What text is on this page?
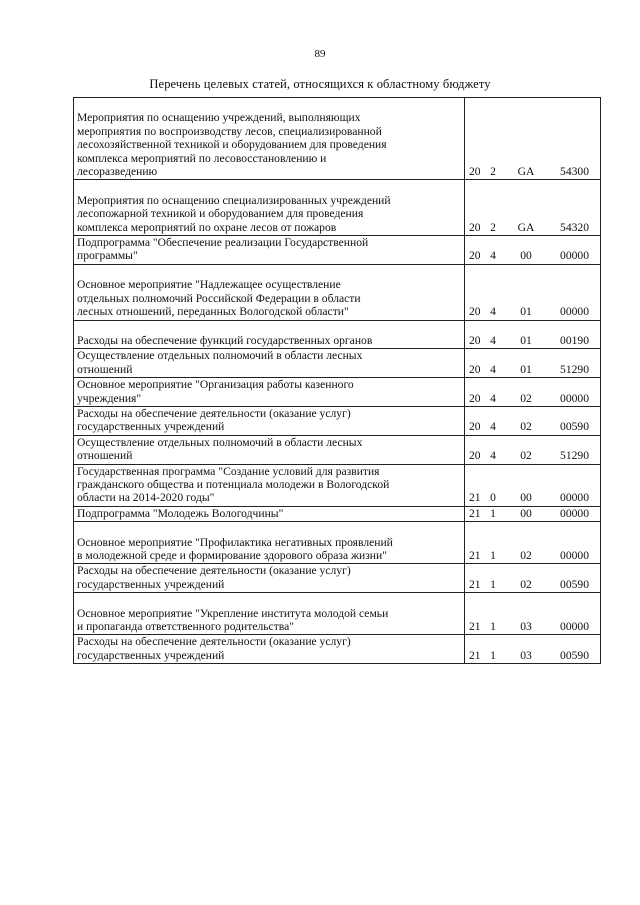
89
Перечень целевых статей, относящихся к областному бюджету

Мероприятия по оснащению учреждений, выполняющих
мероприятия по воспроизводству лесов, специализированной
лесохозяйственной техникой и оборудованием для проведения
комплекса мероприятий по лесовосстановлению и
лесоразведению	20 2 GA 54300

Мероприятия по оснащению специализированных учреждений
лесопожарной техникой и оборудованием для проведения
комплекса мероприятий по охране лесов от пожаров	20 2 GA 54320

Подпрограмма "Обеспечение реализации Государственной
программы"	20 4 00 00000

Основное мероприятие "Надлежащее осуществление
отдельных полномочий Российской Федерации в области
лесных отношений, переданных Вологодской области"	20 4 01 00000

Расходы на обеспечение функций государственных органов	20 4 01 00190

Осуществление отдельных полномочий в области лесных
отношений	20 4 01 51290

Основное мероприятие "Организация работы казенного
учреждения"	20 4 02 00000

Расходы на обеспечение деятельности (оказание услуг)
государственных учреждений	20 4 02 00590

Осуществление отдельных полномочий в области лесных
отношений	20 4 02 51290

Государственная программа "Создание условий для развития
гражданского общества и потенциала молодежи в Вологодской
области на 2014-2020 годы"	21 0 00 00000

Подпрограмма "Молодежь Вологодчины"	21 1 00 00000

Основное мероприятие "Профилактика негативных проявлений
в молодежной среде и формирование здорового образа жизни"	21 1 02 00000

Расходы на обеспечение деятельности (оказание услуг)
государственных учреждений	21 1 02 00590

Основное мероприятие "Укрепление института молодой семьи
и пропаганда ответственного родительства"	21 1 03 00000

Расходы на обеспечение деятельности (оказание услуг)
государственных учреждений	21 1 03 00590
